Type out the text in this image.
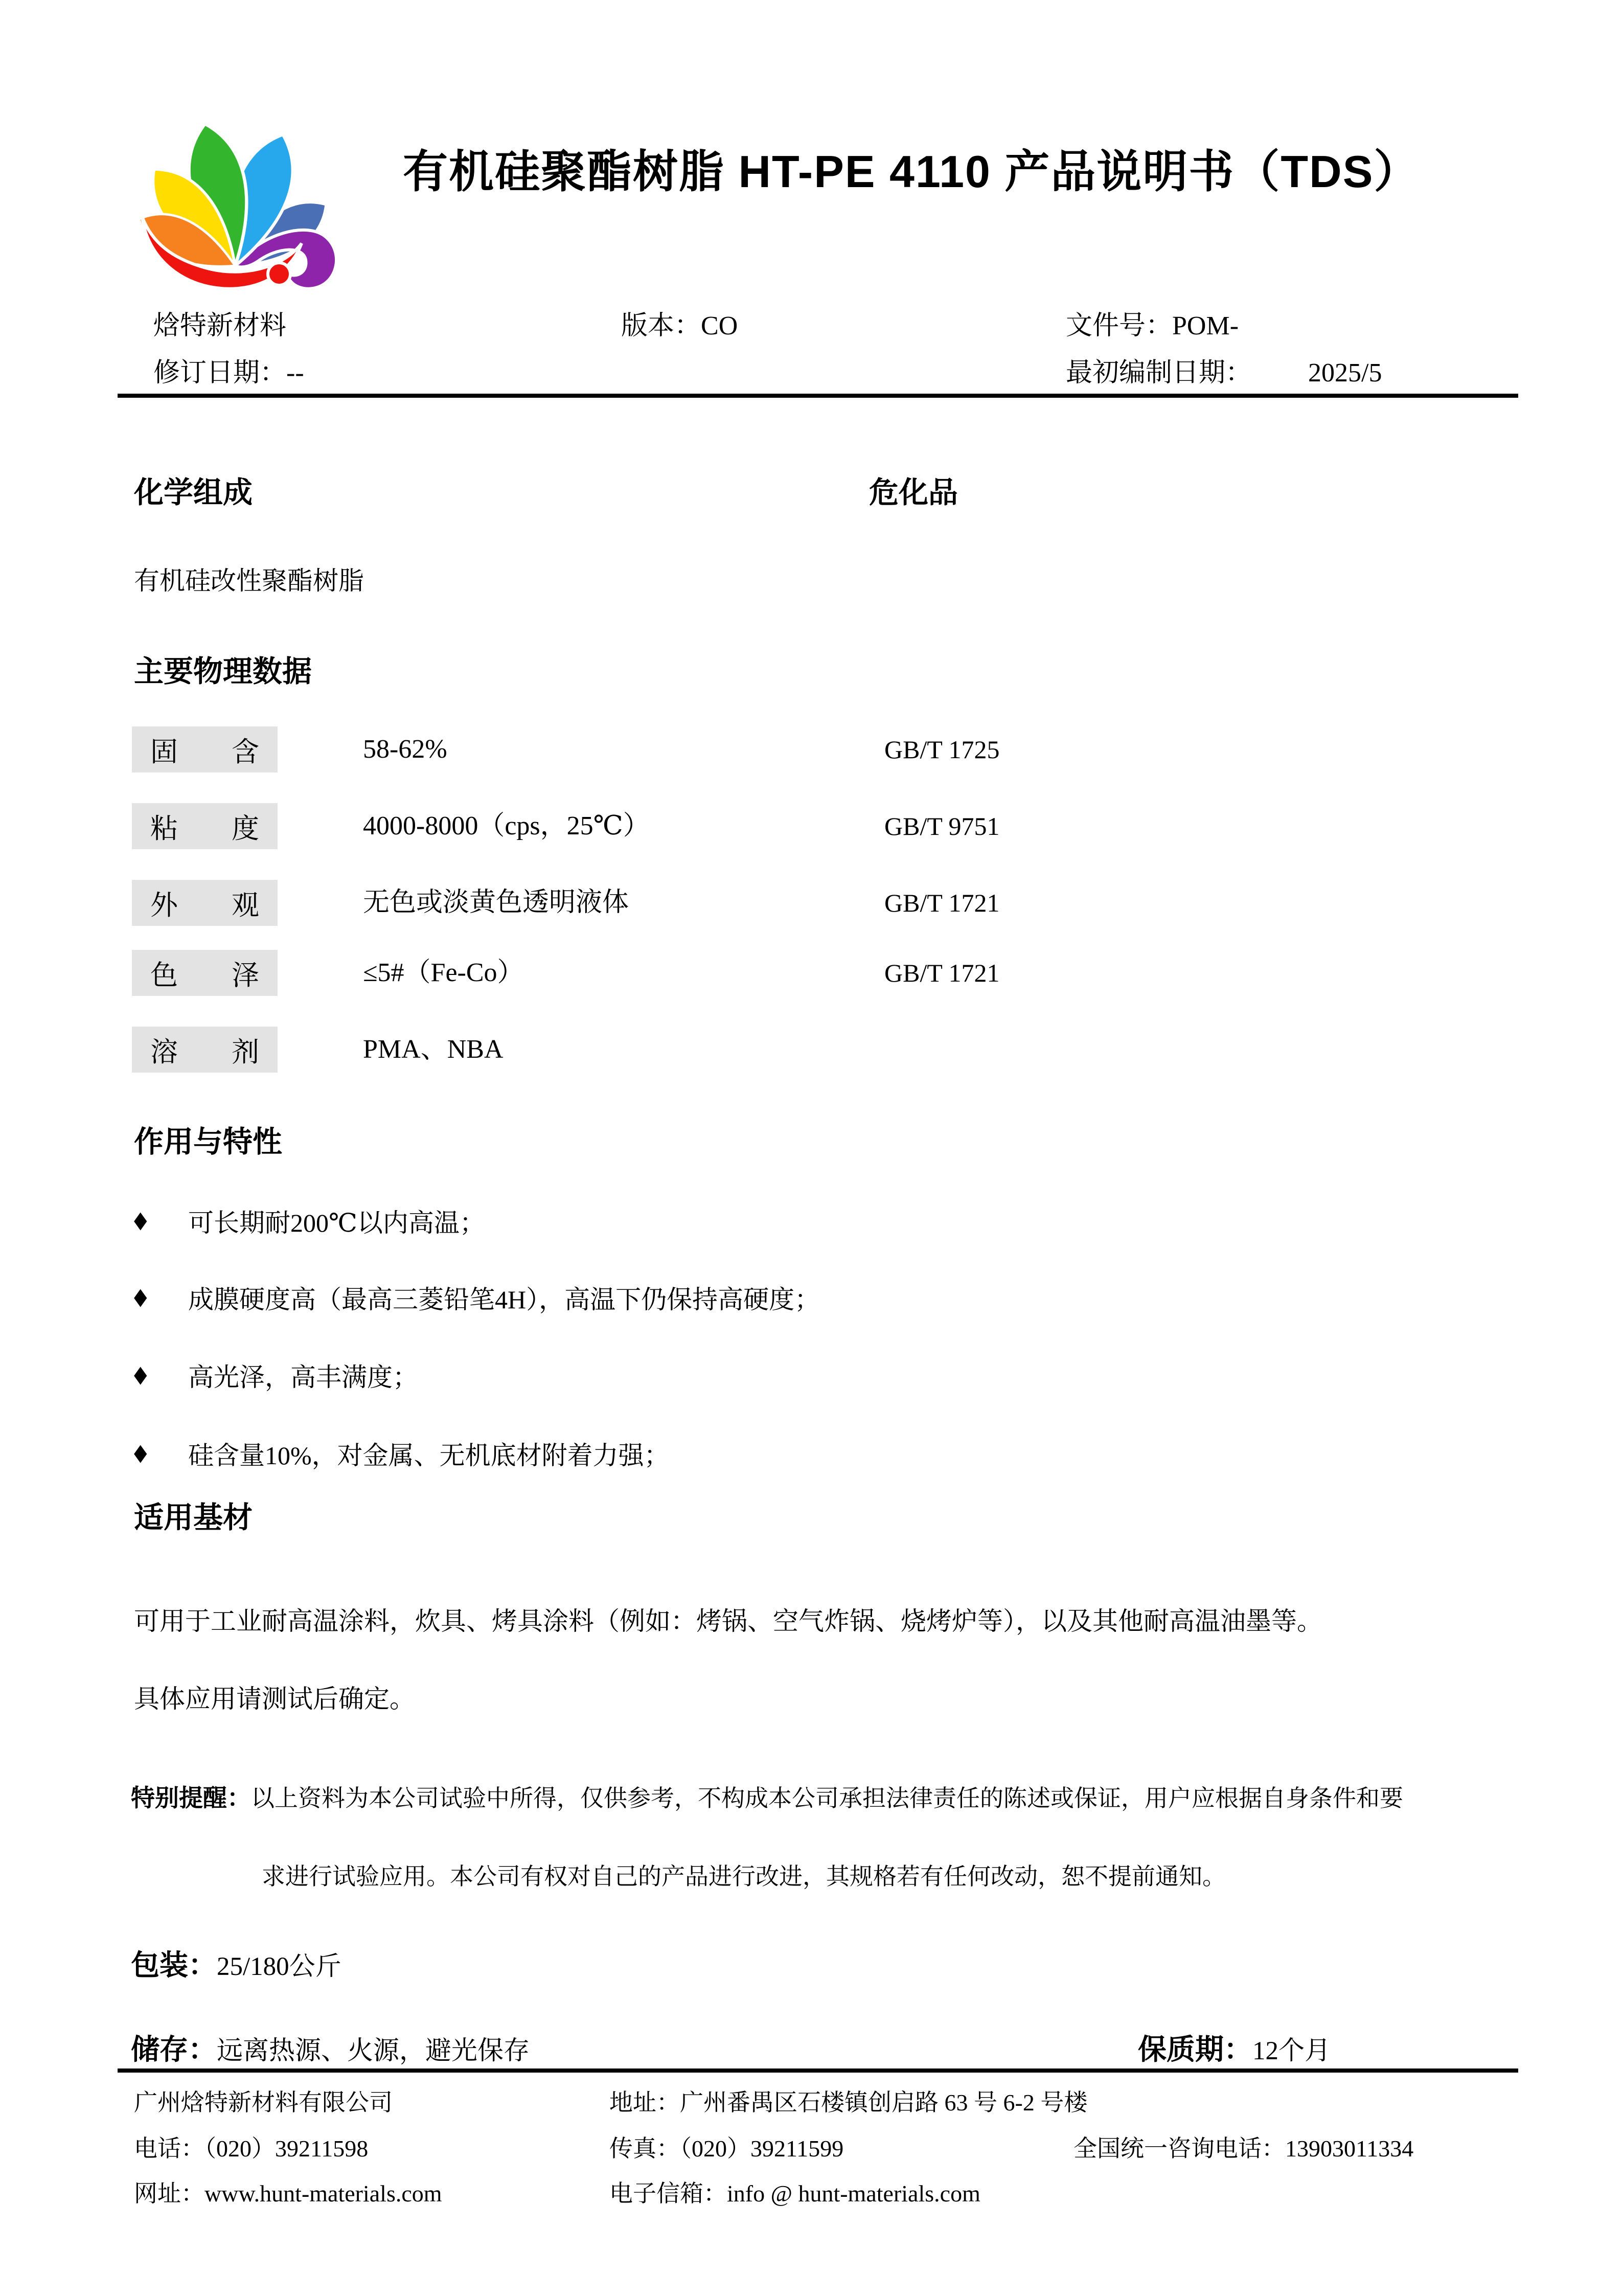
有机硅聚酯树脂 HT-PE 4110 产品说明书（TDS）
焓特新材料	版本：CO	文件号：POM-
修订日期：--	最初编制日期： 2025/5
化学组成	危化品
有机硅改性聚酯树脂
主要物理数据
固 含	58-62%	GB/T 1725
粘 度	4000-8000（cps，25℃）	GB/T 9751
外 观	无色或淡黄色透明液体	GB/T 1721
色 泽	≤5#（Fe-Co）	GB/T 1721
溶 剂	PMA、NBA
作用与特性
◆ 可长期耐200℃以内高温；
◆ 成膜硬度高（最高三菱铅笔4H），高温下仍保持高硬度；
◆ 高光泽，高丰满度；
◆ 硅含量10%，对金属、无机底材附着力强；
适用基材
可用于工业耐高温涂料，炊具、烤具涂料（例如：烤锅、空气炸锅、烧烤炉等），以及其他耐高温油墨等。
具体应用请测试后确定。
特别提醒：以上资料为本公司试验中所得，仅供参考，不构成本公司承担法律责任的陈述或保证，用户应根据自身条件和要
求进行试验应用。本公司有权对自己的产品进行改进，其规格若有任何改动，恕不提前通知。
包装：25/180公斤
储存：远离热源、火源，避光保存	保质期：12个月
广州焓特新材料有限公司	地址：广州番禺区石楼镇创启路 63 号 6-2 号楼
电话：（020）39211598	传真：（020）39211599	全国统一咨询电话：13903011334
网址：www.hunt-materials.com	电子信箱：info @ hunt-materials.com
